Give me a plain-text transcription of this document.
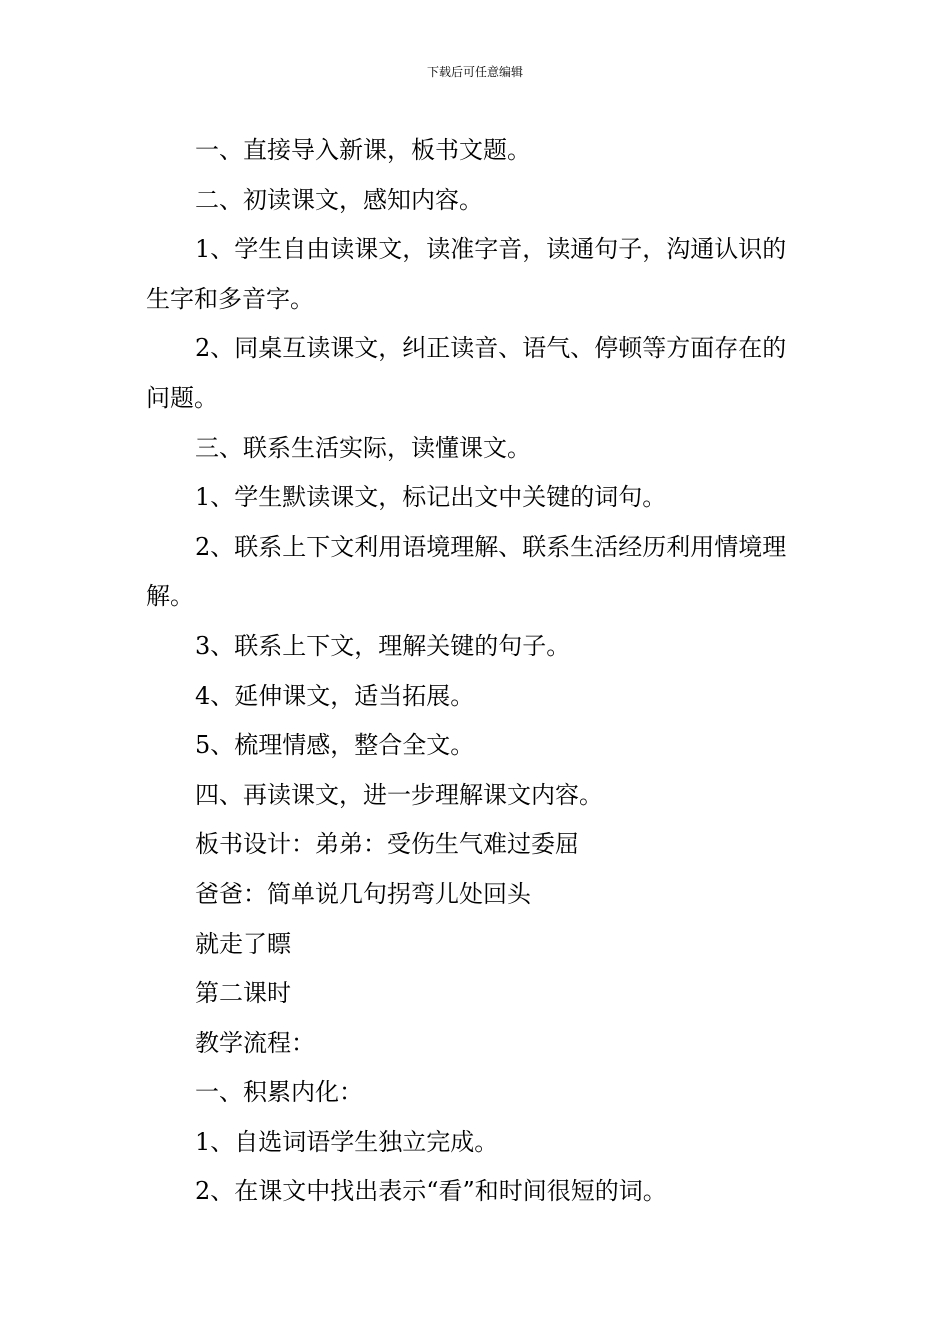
下载后可任意编辑

一、直接导入新课，板书文题。

二、初读课文，感知内容。

1、学生自由读课文，读准字音，读通句子，沟通认识的生字和多音字。

2、同桌互读课文，纠正读音、语气、停顿等方面存在的问题。

三、联系生活实际，读懂课文。

1、学生默读课文，标记出文中关键的词句。

2、联系上下文利用语境理解、联系生活经历利用情境理解。

3、联系上下文，理解关键的句子。

4、延伸课文，适当拓展。

5、梳理情感，整合全文。

四、再读课文，进一步理解课文内容。

板书设计：弟弟：受伤生气难过委屈

爸爸：简单说几句拐弯儿处回头

就走了瞟

第二课时

教学流程：

一、积累内化：

1、自选词语学生独立完成。

2、在课文中找出表示“看”和时间很短的词。
